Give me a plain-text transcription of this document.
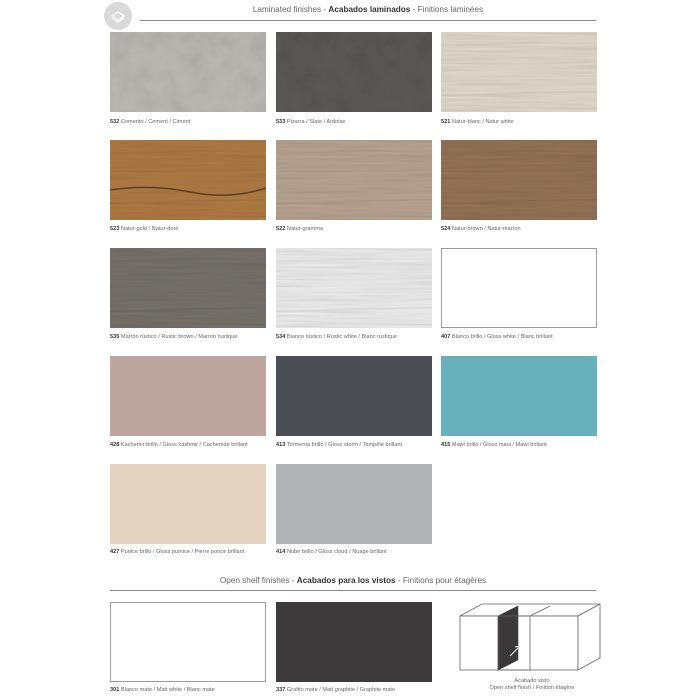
Laminated finishes - Acabados laminados - Finitions laminées
532 Cemento / Cement / Ciment	533 Pizarra / Slate / Ardoise	521 Natur-blanc / Natur white
523 Natur-gold / Natur-doré	522 Natur-gramma	524 Natur-brown / Natur-marron
535 Marrón rústico / Rustic brown / Marron rustique	534 Blanco rústico / Rustic white / Blanc rustique	407 Blanco brillo / Gloss white / Blanc brillant
428 Kachemir brillo / Gloss kashmir / Cachemire brillant	413 Tormenta brillo / Gloss storm / Tempête brillant	415 Mawi brillo / Gloss maui / Mawi brillant
427 Punice brillo / Gloss pumice / Pierre ponce brillant	414 Nube brillo / Gloss cloud / Nuage brillant
Open shelf finishes - Acabados para los vistos - Finitions pour étagères
301 Blanco mate / Matt white / Blanc mate	337 Grafito mate / Matt graphite / Graphite mate
Acabado visto
Open shelf finish / Finition étagère
